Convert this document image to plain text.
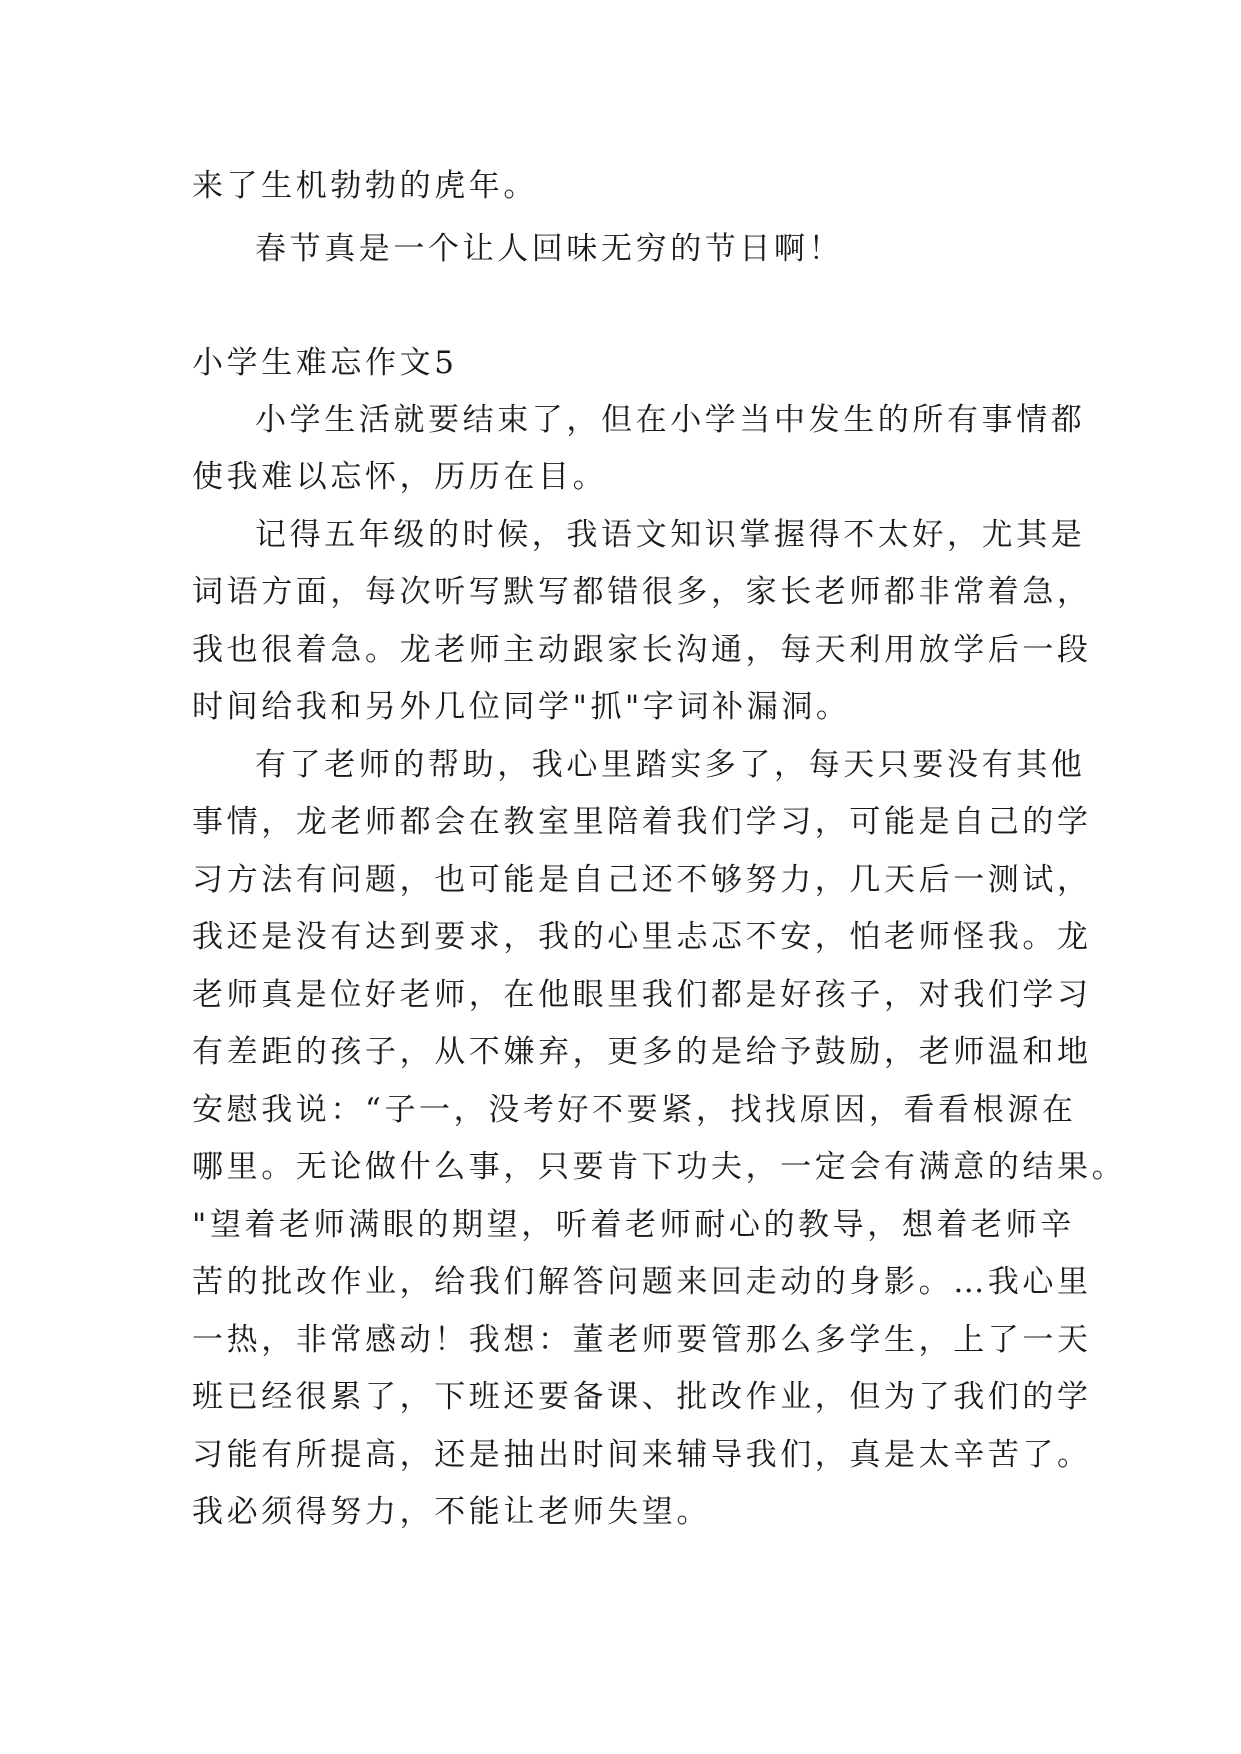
来了生机勃勃的虎年。
春节真是一个让人回味无穷的节日啊！
小学生难忘作文5
小学生活就要结束了，但在小学当中发生的所有事情都
使我难以忘怀，历历在目。
记得五年级的时候，我语文知识掌握得不太好，尤其是
词语方面，每次听写默写都错很多，家长老师都非常着急，
我也很着急。龙老师主动跟家长沟通，每天利用放学后一段
时间给我和另外几位同学"抓"字词补漏洞。
有了老师的帮助，我心里踏实多了，每天只要没有其他
事情，龙老师都会在教室里陪着我们学习，可能是自己的学
习方法有问题，也可能是自己还不够努力，几天后一测试，
我还是没有达到要求，我的心里忐忑不安，怕老师怪我。龙
老师真是位好老师，在他眼里我们都是好孩子，对我们学习
有差距的孩子，从不嫌弃，更多的是给予鼓励，老师温和地
安慰我说：“子一，没考好不要紧，找找原因，看看根源在
哪里。无论做什么事，只要肯下功夫，一定会有满意的结果。
"望着老师满眼的期望，听着老师耐心的教导，想着老师辛
苦的批改作业，给我们解答问题来回走动的身影。…我心里
一热，非常感动！我想：董老师要管那么多学生，上了一天
班已经很累了，下班还要备课、批改作业，但为了我们的学
习能有所提高，还是抽出时间来辅导我们，真是太辛苦了。
我必须得努力，不能让老师失望。
